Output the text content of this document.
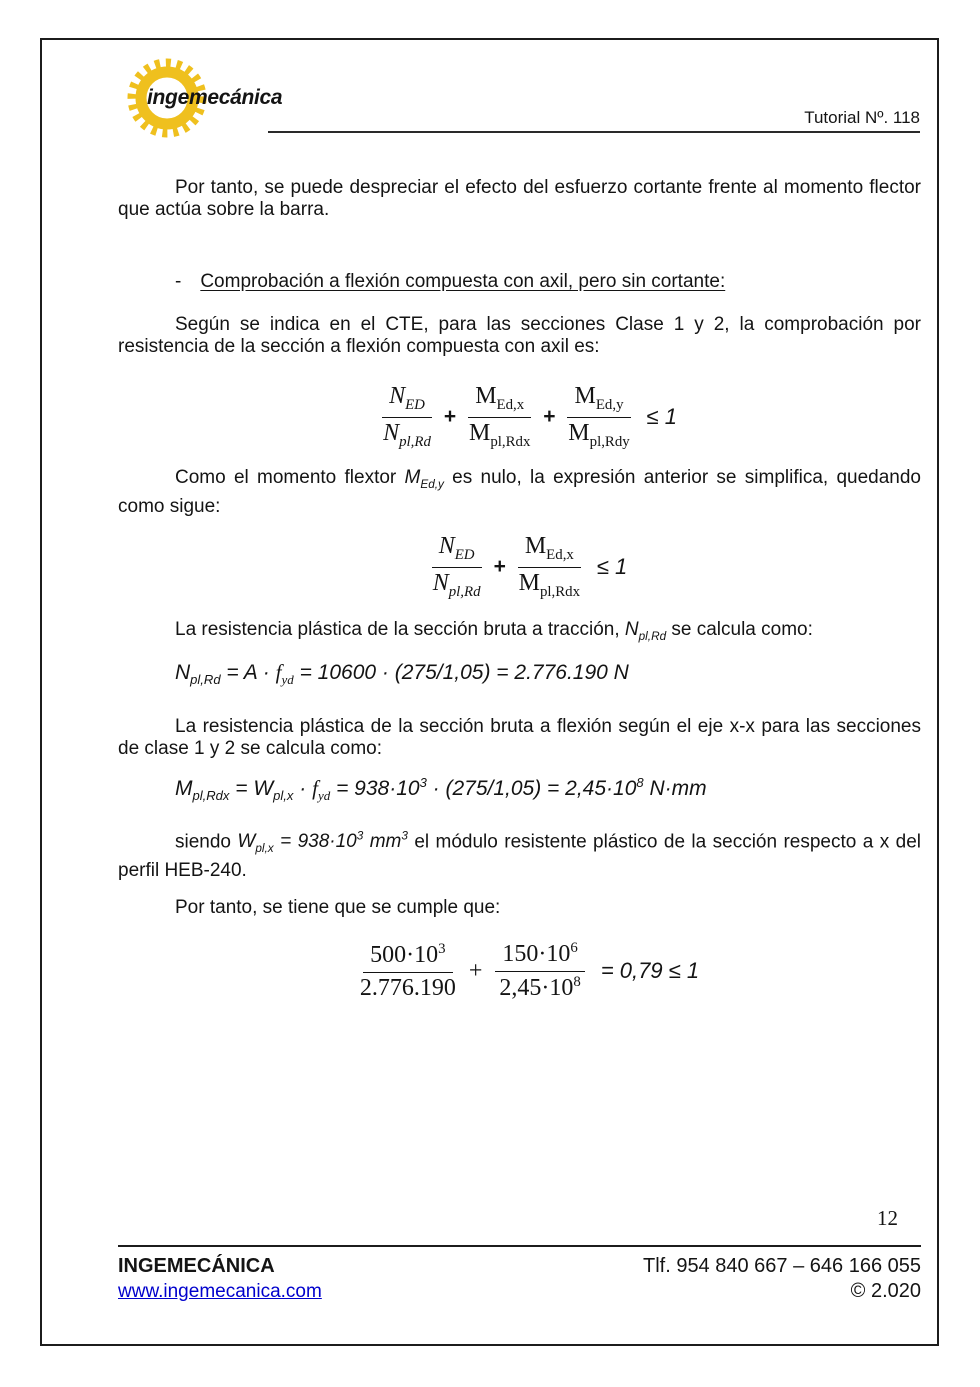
ingemecánica
Tutorial Nº. 118

Por tanto, se puede despreciar el efecto del esfuerzo cortante frente al momento flector que actúa sobre la barra.

- Comprobación a flexión compuesta con axil, pero sin cortante:

Según se indica en el CTE, para las secciones Clase 1 y 2, la comprobación por resistencia de la sección a flexión compuesta con axil es:

$\frac{N_{ED}}{N_{pl,Rd}} + \frac{M_{Ed,x}}{M_{pl,Rdx}} + \frac{M_{Ed,y}}{M_{pl,Rdy}} \le 1$

Como el momento flextor $M_{Ed,y}$ es nulo, la expresión anterior se simplifica, quedando como sigue:

$\frac{N_{ED}}{N_{pl,Rd}} + \frac{M_{Ed,x}}{M_{pl,Rdx}} \le 1$

La resistencia plástica de la sección bruta a tracción, $N_{pl,Rd}$ se calcula como:

$N_{pl,Rd} = A \cdot f_{yd} = 10600 \cdot (275/1,05) = 2.776.190$ N

La resistencia plástica de la sección bruta a flexión según el eje x-x para las secciones de clase 1 y 2 se calcula como:

$M_{pl,Rdx} = W_{pl,x} \cdot f_{yd} = 938\cdot 10^3 \cdot (275/1,05) = 2,45\cdot 10^8$ N·mm

siendo $W_{pl,x} = 938\cdot 10^3$ $mm^3$ el módulo resistente plástico de la sección respecto a x del perfil HEB-240.

Por tanto, se tiene que se cumple que:

$\frac{500\cdot 10^3}{2.776.190} + \frac{150\cdot 10^6}{2,45\cdot 10^8} = 0,79 \le 1$
12
INGEMECÁNICA	Tlf. 954 840 667 – 646 166 055
www.ingemecanica.com	© 2.020
